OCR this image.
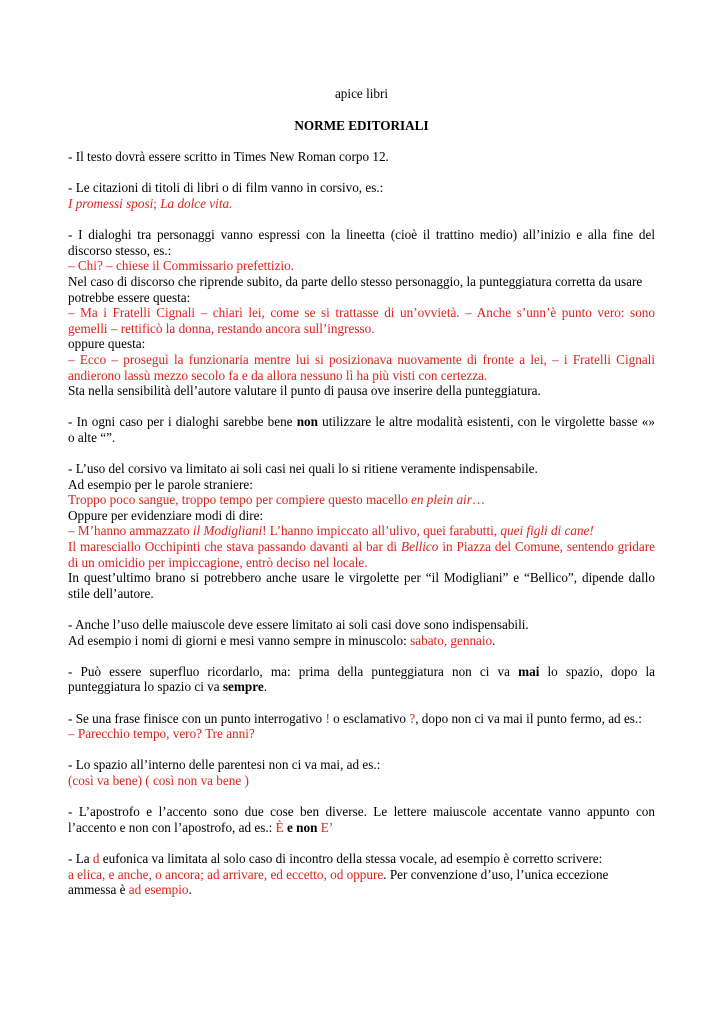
apice libri
NORME EDITORIALI
- Il testo dovrà essere scritto in Times New Roman corpo 12.
- Le citazioni di titoli di libri o di film vanno in corsivo, es.:
I promessi sposi; La dolce vita.
- I dialoghi tra personaggi vanno espressi con la lineetta (cioè il trattino medio) all’inizio e alla fine del
discorso stesso, es.:
– Chi? – chiese il Commissario prefettizio.
Nel caso di discorso che riprende subito, da parte dello stesso personaggio, la punteggiatura corretta da usare
potrebbe essere questa:
– Ma i Fratelli Cignali – chiarì lei, come se si trattasse di un’ovvietà. – Anche s’unn’è punto vero: sono
gemelli – rettificò la donna, restando ancora sull’ingresso.
oppure questa:
– Ecco – proseguì la funzionaria mentre lui si posizionava nuovamente di fronte a lei, – i Fratelli Cignali
andierono lassù mezzo secolo fa e da allora nessuno lì ha più visti con certezza.
Sta nella sensibilità dell’autore valutare il punto di pausa ove inserire della punteggiatura.
- In ogni caso per i dialoghi sarebbe bene non utilizzare le altre modalità esistenti, con le virgolette basse «»
o alte “”.
- L’uso del corsivo va limitato ai soli casi nei quali lo si ritiene veramente indispensabile.
Ad esempio per le parole straniere:
Troppo poco sangue, troppo tempo per compiere questo macello en plein air…
Oppure per evidenziare modi di dire:
– M’hanno ammazzato il Modigliani! L’hanno impiccato all’ulivo, quei farabutti, quei figli di cane!
Il maresciallo Occhipinti che stava passando davanti al bar di Bellico in Piazza del Comune, sentendo gridare
di un omicidio per impiccagione, entrò deciso nel locale.
In quest’ultimo brano si potrebbero anche usare le virgolette per “il Modigliani” e “Bellico”, dipende dallo
stile dell’autore.
- Anche l’uso delle maiuscole deve essere limitato ai soli casi dove sono indispensabili.
Ad esempio i nomi di giorni e mesi vanno sempre in minuscolo: sabato, gennaio.
- Può essere superfluo ricordarlo, ma: prima della punteggiatura non ci va mai lo spazio, dopo la
punteggiatura lo spazio ci va sempre.
- Se una frase finisce con un punto interrogativo ! o esclamativo ?, dopo non ci va mai il punto fermo, ad es.:
– Parecchio tempo, vero? Tre anni?
- Lo spazio all’interno delle parentesi non ci va mai, ad es.:
(così va bene) ( così non va bene )
- L’apostrofo e l’accento sono due cose ben diverse. Le lettere maiuscole accentate vanno appunto con
l’accento e non con l’apostrofo, ad es.: È e non E’
- La d eufonica va limitata al solo caso di incontro della stessa vocale, ad esempio è corretto scrivere:
a elica, e anche, o ancora; ad arrivare, ed eccetto, od oppure. Per convenzione d’uso, l’unica eccezione
ammessa è ad esempio.
